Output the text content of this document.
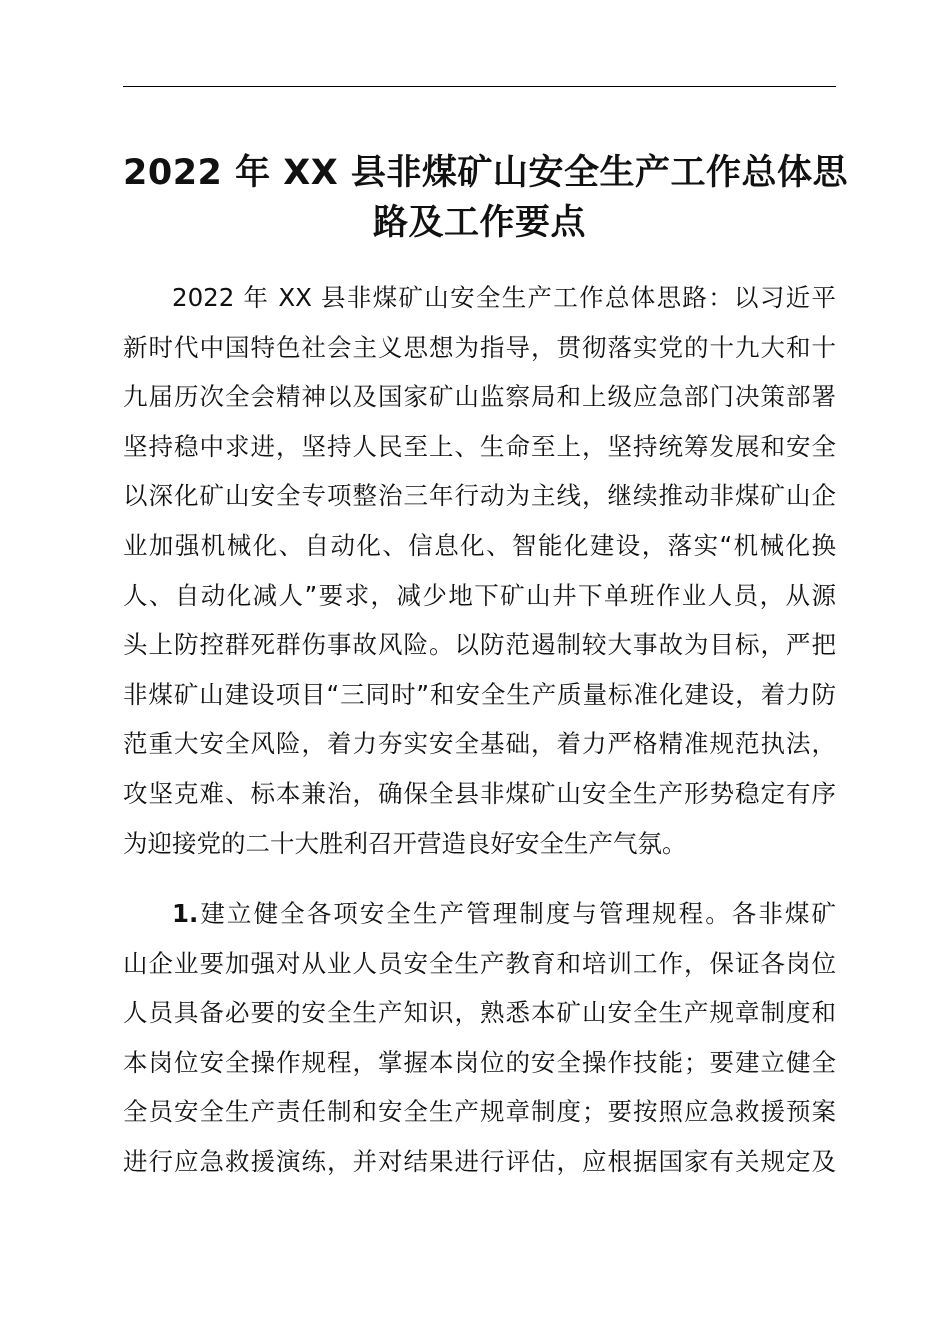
2022 年 XX 县非煤矿山安全生产工作总体思
路及工作要点
2022 年 XX 县非煤矿山安全生产工作总体思路：以习近平
新时代中国特色社会主义思想为指导，贯彻落实党的十九大和十
九届历次全会精神以及国家矿山监察局和上级应急部门决策部署
坚持稳中求进，坚持人民至上、生命至上，坚持统筹发展和安全
以深化矿山安全专项整治三年行动为主线，继续推动非煤矿山企
业加强机械化、自动化、信息化、智能化建设，落实“机械化换
人、自动化减人”要求，减少地下矿山井下单班作业人员，从源
头上防控群死群伤事故风险。以防范遏制较大事故为目标，严把
非煤矿山建设项目“三同时”和安全生产质量标准化建设，着力防
范重大安全风险，着力夯实安全基础，着力严格精准规范执法，
攻坚克难、标本兼治，确保全县非煤矿山安全生产形势稳定有序
为迎接党的二十大胜利召开营造良好安全生产气氛。
1.建立健全各项安全生产管理制度与管理规程。各非煤矿
山企业要加强对从业人员安全生产教育和培训工作，保证各岗位
人员具备必要的安全生产知识，熟悉本矿山安全生产规章制度和
本岗位安全操作规程，掌握本岗位的安全操作技能；要建立健全
全员安全生产责任制和安全生产规章制度；要按照应急救援预案
进行应急救援演练，并对结果进行评估，应根据国家有关规定及
